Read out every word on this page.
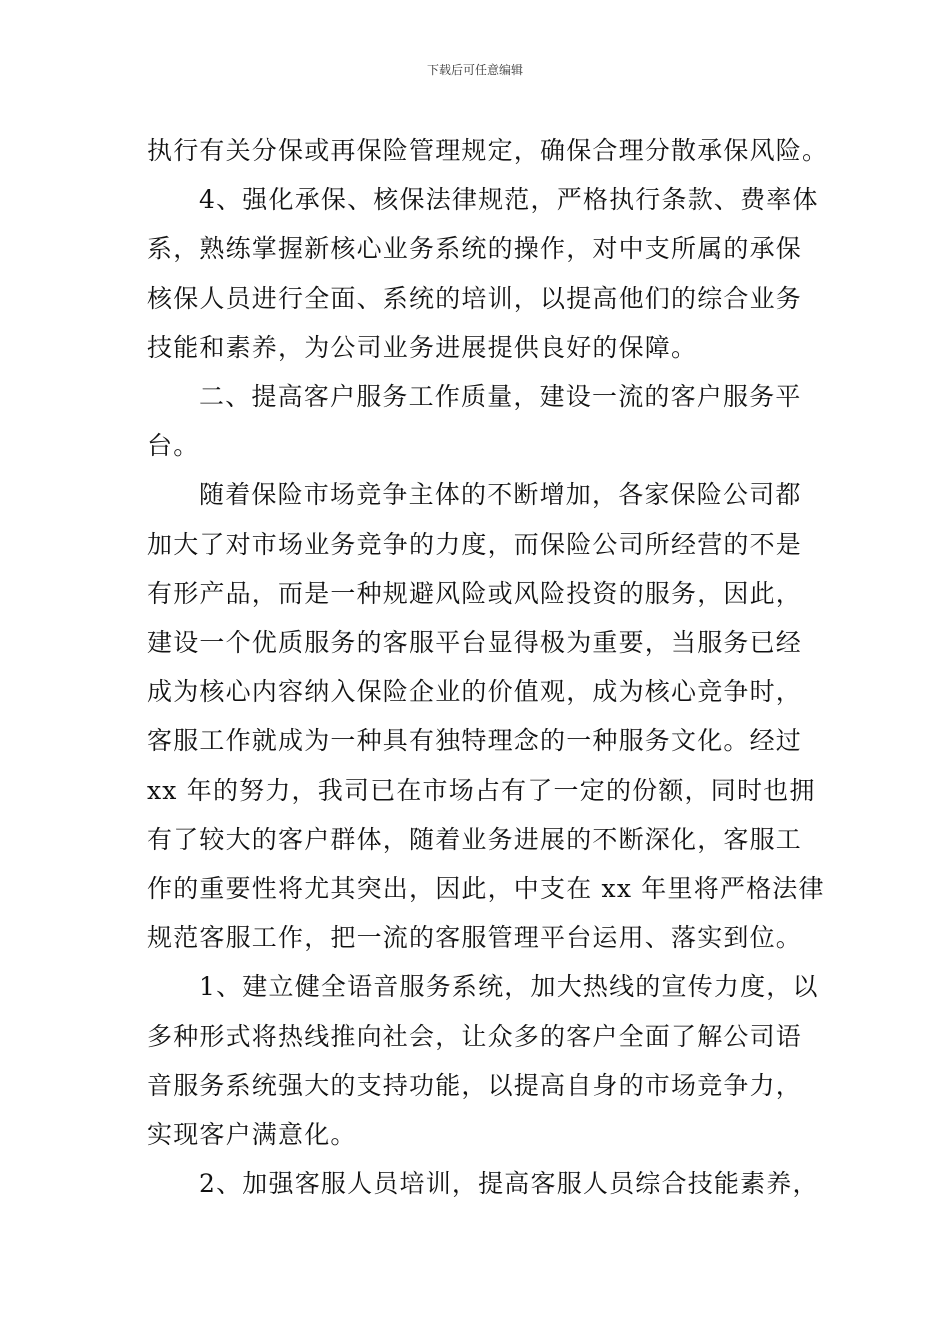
下载后可任意编辑

执行有关分保或再保险管理规定，确保合理分散承保风险。

4、强化承保、核保法律规范，严格执行条款、费率体
系，熟练掌握新核心业务系统的操作，对中支所属的承保
核保人员进行全面、系统的培训，以提高他们的综合业务
技能和素养，为公司业务进展提供良好的保障。

二、提高客户服务工作质量，建设一流的客户服务平
台。

随着保险市场竞争主体的不断增加，各家保险公司都
加大了对市场业务竞争的力度，而保险公司所经营的不是
有形产品，而是一种规避风险或风险投资的服务，因此，
建设一个优质服务的客服平台显得极为重要，当服务已经
成为核心内容纳入保险企业的价值观，成为核心竞争时，
客服工作就成为一种具有独特理念的一种服务文化。经过
xx 年的努力，我司已在市场占有了一定的份额，同时也拥
有了较大的客户群体，随着业务进展的不断深化，客服工
作的重要性将尤其突出，因此，中支在 xx 年里将严格法律
规范客服工作，把一流的客服管理平台运用、落实到位。

1、建立健全语音服务系统，加大热线的宣传力度，以
多种形式将热线推向社会，让众多的客户全面了解公司语
音服务系统强大的支持功能，以提高自身的市场竞争力，
实现客户满意化。

2、加强客服人员培训，提高客服人员综合技能素养，
